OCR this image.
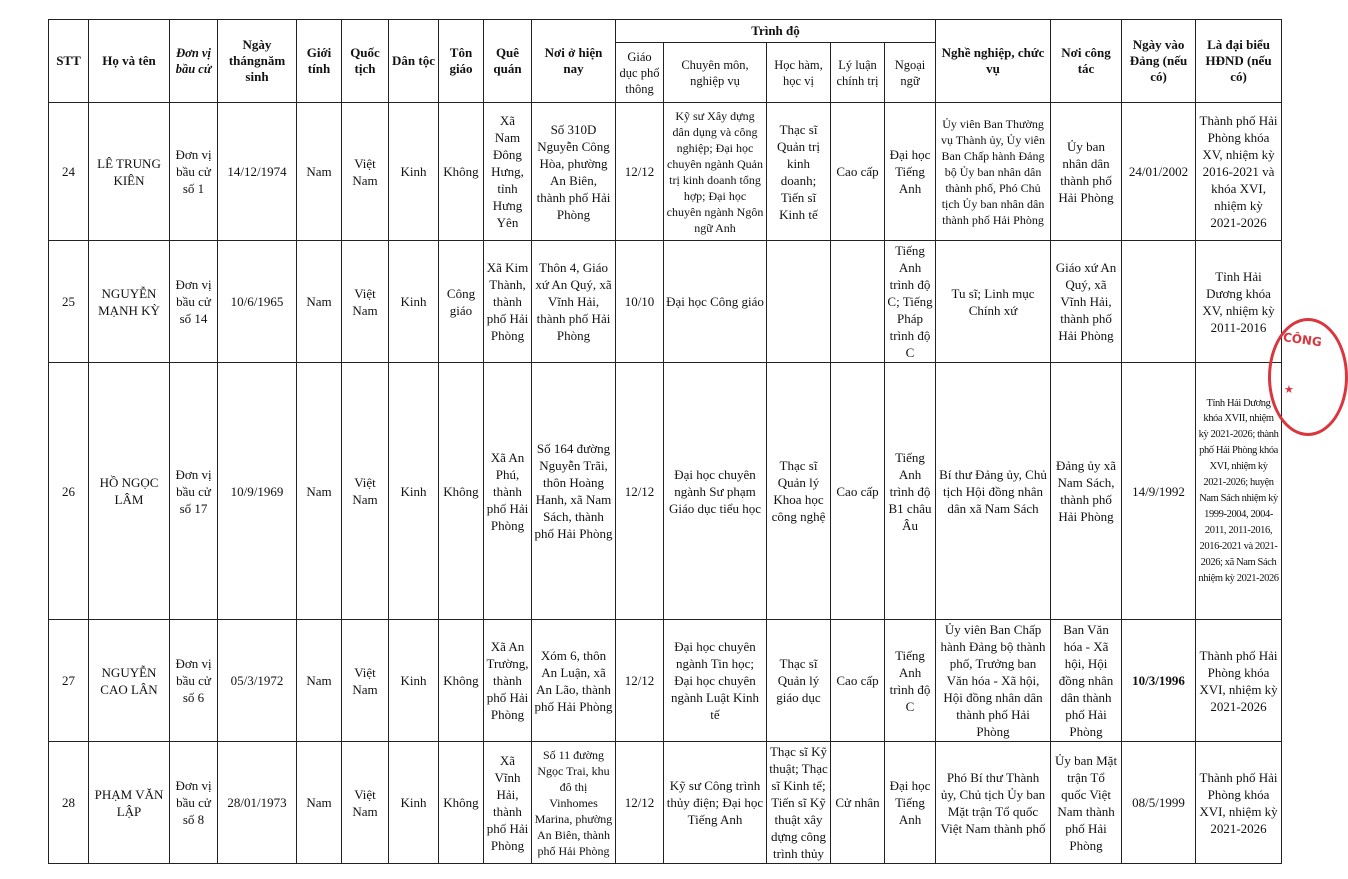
STT	Họ và tên	Đơn vị bầu cử	Ngày thángnăm sinh	Giới tính	Quốc tịch	Dân tộc	Tôn giáo	Quê quán	Nơi ở hiện nay	Trình độ					Nghề nghiệp, chức vụ	Nơi công tác	Ngày vào Đảng (nếu có)	Là đại biểu HĐND (nếu có)
										Giáo dục phổ thông	Chuyên môn, nghiệp vụ	Học hàm, học vị	Lý luận chính trị	Ngoại ngữ				
24	LÊ TRUNG KIÊN	Đơn vị bầu cử số 1	14/12/1974	Nam	Việt Nam	Kinh	Không	Xã Nam Đông Hưng, tỉnh Hưng Yên	Số 310D Nguyễn Công Hòa, phường An Biên, thành phố Hải Phòng	12/12	Kỹ sư Xây dựng dân dụng và công nghiệp; Đại học chuyên ngành Quản trị kinh doanh tổng hợp; Đại học chuyên ngành Ngôn ngữ Anh	Thạc sĩ Quản trị kinh doanh; Tiến sĩ Kinh tế	Cao cấp	Đại học Tiếng Anh	Ủy viên Ban Thường vụ Thành ủy, Ủy viên Ban Chấp hành Đảng bộ Ủy ban nhân dân thành phố, Phó Chủ tịch Ủy ban nhân dân thành phố Hải Phòng	Ủy ban nhân dân thành phố Hải Phòng	24/01/2002	Thành phố Hải Phòng khóa XV, nhiệm kỳ 2016-2021 và khóa XVI, nhiệm kỳ 2021-2026
25	NGUYỄN MẠNH KỲ	Đơn vị bầu cử số 14	10/6/1965	Nam	Việt Nam	Kinh	Công giáo	Xã Kim Thành, thành phố Hải Phòng	Thôn 4, Giáo xứ An Quý, xã Vĩnh Hải, thành phố Hải Phòng	10/10	Đại học Công giáo			Tiếng Anh trình độ C; Tiếng Pháp trình độ C	Tu sĩ; Linh mục Chính xứ	Giáo xứ An Quý, xã Vĩnh Hải, thành phố Hải Phòng		Tỉnh Hải Dương khóa XV, nhiệm kỳ 2011-2016
26	HỒ NGỌC LÂM	Đơn vị bầu cử số 17	10/9/1969	Nam	Việt Nam	Kinh	Không	Xã An Phú, thành phố Hải Phòng	Số 164 đường Nguyễn Trãi, thôn Hoàng Hanh, xã Nam Sách, thành phố Hải Phòng	12/12	Đại học chuyên ngành Sư phạm Giáo dục tiểu học	Thạc sĩ Quản lý Khoa học công nghệ	Cao cấp	Tiếng Anh trình độ B1 châu Âu	Bí thư Đảng ủy, Chủ tịch Hội đồng nhân dân xã Nam Sách	Đảng ủy xã Nam Sách, thành phố Hải Phòng	14/9/1992	Tỉnh Hải Dương khóa XVII, nhiệm kỳ 2021-2026; thành phố Hải Phòng khóa XVI, nhiệm kỳ 2021-2026; huyện Nam Sách nhiệm kỳ 1999-2004, 2004-2011, 2011-2016, 2016-2021 và 2021-2026; xã Nam Sách nhiệm kỳ 2021-2026
27	NGUYỄN CAO LÂN	Đơn vị bầu cử số 6	05/3/1972	Nam	Việt Nam	Kinh	Không	Xã An Trường, thành phố Hải Phòng	Xóm 6, thôn An Luận, xã An Lão, thành phố Hải Phòng	12/12	Đại học chuyên ngành Tin học; Đại học chuyên ngành Luật Kinh tế	Thạc sĩ Quản lý giáo dục	Cao cấp	Tiếng Anh trình độ C	Ủy viên Ban Chấp hành Đảng bộ thành phố, Trưởng ban Văn hóa - Xã hội, Hội đồng nhân dân thành phố Hải Phòng	Ban Văn hóa - Xã hội, Hội đồng nhân dân thành phố Hải Phòng	10/3/1996	Thành phố Hải Phòng khóa XVI, nhiệm kỳ 2021-2026
28	PHẠM VĂN LẬP	Đơn vị bầu cử số 8	28/01/1973	Nam	Việt Nam	Kinh	Không	Xã Vĩnh Hải, thành phố Hải Phòng	Số 11 đường Ngọc Trai, khu đô thị Vinhomes Marina, phường An Biên, thành phố Hải Phòng	12/12	Kỹ sư Công trình thủy điện; Đại học Tiếng Anh	Thạc sĩ Kỹ thuật; Thạc sĩ Kinh tế; Tiến sĩ Kỹ thuật xây dựng công trình thủy	Cử nhân	Đại học Tiếng Anh	Phó Bí thư Thành ủy, Chủ tịch Ủy ban Mặt trận Tổ quốc Việt Nam thành phố	Ủy ban Mặt trận Tổ quốc Việt Nam thành phố Hải Phòng	08/5/1999	Thành phố Hải Phòng khóa XVI, nhiệm kỳ 2021-2026
CÔNG
★
